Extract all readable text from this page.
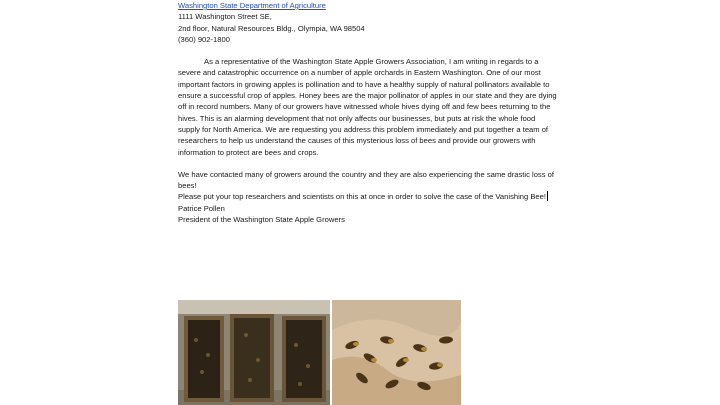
Washington State Department of Agriculture
1111 Washington Street SE,
2nd floor, Natural Resources Bldg., Olympia, WA 98504
(360) 902-1800

As a representative of the Washington State Apple Growers Association, I am writing in regards to a severe and catastrophic occurrence on a number of apple orchards in Eastern Washington. One of our most important factors in growing apples is pollination and to have a healthy supply of natural pollinators available to ensure a successful crop of apples. Honey bees are the major pollinator of apples in our state and they are dying off in record numbers. Many of our growers have witnessed whole hives dying off and few bees returning to the hives. This is an alarming development that not only affects our businesses, but puts at risk the whole food supply for North America. We are requesting you address this problem immediately and put together a team of researchers to help us understand the causes of this mysterious loss of bees and provide our growers with information to protect are bees and crops.

We have contacted many of growers around the country and they are also experiencing the same drastic loss of bees!

Please put your top researchers and scientists on this at once in order to solve the case of the Vanishing Bee!

Patrice Pollen
President of the Washington State Apple Growers
